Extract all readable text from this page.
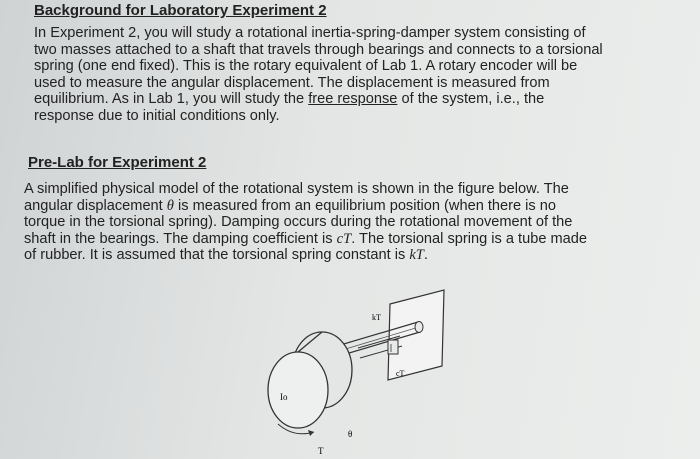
Background for Laboratory Experiment 2

In Experiment 2, you will study a rotational inertia-spring-damper system consisting of
two masses attached to a shaft that travels through bearings and connects to a torsional
spring (one end fixed). This is the rotary equivalent of Lab 1. A rotary encoder will be
used to measure the angular displacement. The displacement is measured from
equilibrium. As in Lab 1, you will study the free response of the system, i.e., the
response due to initial conditions only.

Pre-Lab for Experiment 2

A simplified physical model of the rotational system is shown in the figure below. The
angular displacement θ is measured from an equilibrium position (when there is no
torque in the torsional spring). Damping occurs during the rotational movement of the
shaft in the bearings. The damping coefficient is cT. The torsional spring is a tube made
of rubber. It is assumed that the torsional spring constant is kT.

kT
cT
Io
θ
T
